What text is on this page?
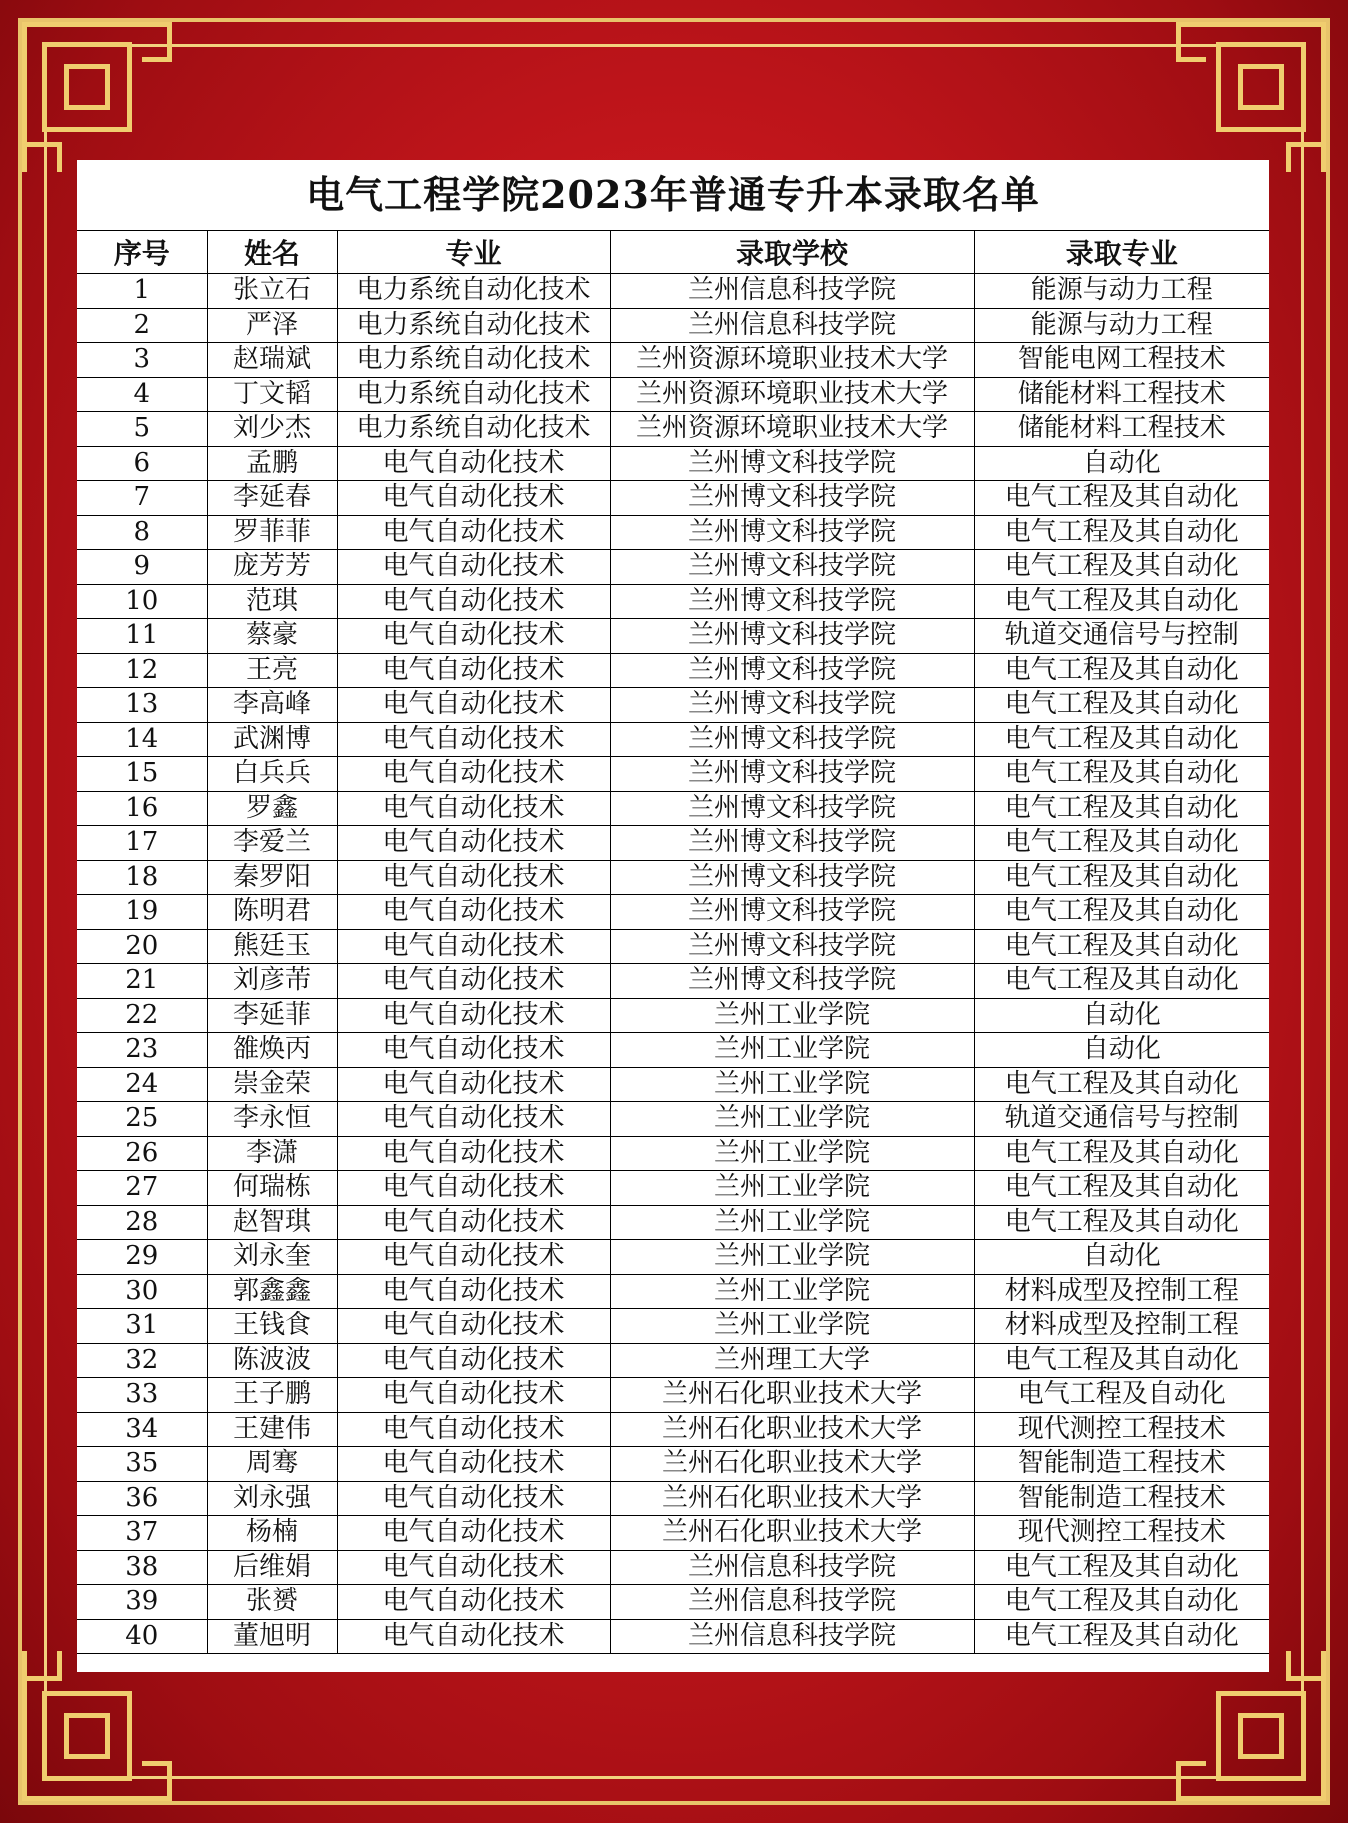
电气工程学院2023年普通专升本录取名单
序号	姓名	专业	录取学校	录取专业
1	张立石	电力系统自动化技术	兰州信息科技学院	能源与动力工程
2	严泽	电力系统自动化技术	兰州信息科技学院	能源与动力工程
3	赵瑞斌	电力系统自动化技术	兰州资源环境职业技术大学	智能电网工程技术
4	丁文韬	电力系统自动化技术	兰州资源环境职业技术大学	储能材料工程技术
5	刘少杰	电力系统自动化技术	兰州资源环境职业技术大学	储能材料工程技术
6	孟鹏	电气自动化技术	兰州博文科技学院	自动化
7	李延春	电气自动化技术	兰州博文科技学院	电气工程及其自动化
8	罗菲菲	电气自动化技术	兰州博文科技学院	电气工程及其自动化
9	庞芳芳	电气自动化技术	兰州博文科技学院	电气工程及其自动化
10	范琪	电气自动化技术	兰州博文科技学院	电气工程及其自动化
11	蔡豪	电气自动化技术	兰州博文科技学院	轨道交通信号与控制
12	王亮	电气自动化技术	兰州博文科技学院	电气工程及其自动化
13	李高峰	电气自动化技术	兰州博文科技学院	电气工程及其自动化
14	武渊博	电气自动化技术	兰州博文科技学院	电气工程及其自动化
15	白兵兵	电气自动化技术	兰州博文科技学院	电气工程及其自动化
16	罗鑫	电气自动化技术	兰州博文科技学院	电气工程及其自动化
17	李爱兰	电气自动化技术	兰州博文科技学院	电气工程及其自动化
18	秦罗阳	电气自动化技术	兰州博文科技学院	电气工程及其自动化
19	陈明君	电气自动化技术	兰州博文科技学院	电气工程及其自动化
20	熊廷玉	电气自动化技术	兰州博文科技学院	电气工程及其自动化
21	刘彦芾	电气自动化技术	兰州博文科技学院	电气工程及其自动化
22	李延菲	电气自动化技术	兰州工业学院	自动化
23	雒焕丙	电气自动化技术	兰州工业学院	自动化
24	崇金荣	电气自动化技术	兰州工业学院	电气工程及其自动化
25	李永恒	电气自动化技术	兰州工业学院	轨道交通信号与控制
26	李潇	电气自动化技术	兰州工业学院	电气工程及其自动化
27	何瑞栋	电气自动化技术	兰州工业学院	电气工程及其自动化
28	赵智琪	电气自动化技术	兰州工业学院	电气工程及其自动化
29	刘永奎	电气自动化技术	兰州工业学院	自动化
30	郭鑫鑫	电气自动化技术	兰州工业学院	材料成型及控制工程
31	王钱食	电气自动化技术	兰州工业学院	材料成型及控制工程
32	陈波波	电气自动化技术	兰州理工大学	电气工程及其自动化
33	王子鹏	电气自动化技术	兰州石化职业技术大学	电气工程及自动化
34	王建伟	电气自动化技术	兰州石化职业技术大学	现代测控工程技术
35	周骞	电气自动化技术	兰州石化职业技术大学	智能制造工程技术
36	刘永强	电气自动化技术	兰州石化职业技术大学	智能制造工程技术
37	杨楠	电气自动化技术	兰州石化职业技术大学	现代测控工程技术
38	后维娟	电气自动化技术	兰州信息科技学院	电气工程及其自动化
39	张赟	电气自动化技术	兰州信息科技学院	电气工程及其自动化
40	董旭明	电气自动化技术	兰州信息科技学院	电气工程及其自动化
